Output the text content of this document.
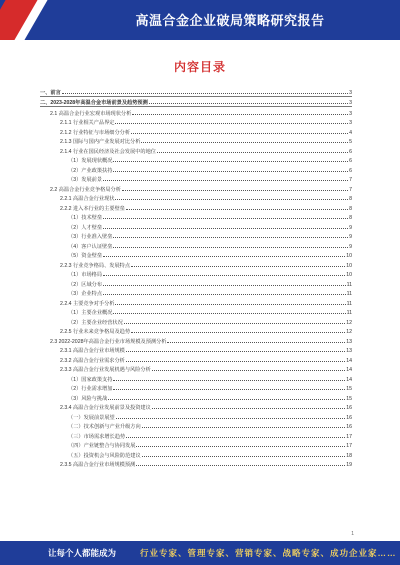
高温合金企业破局策略研究报告
内容目录
一、前言	3
二、2023-2028年高温合金市场前景及趋势预测	3
2.1 高温合金行业宏观市场现状分析	3
2.1.1 行业相关产品界定	3
2.1.2 行业特征与市场细分分析	4
2.1.3 国际与国内产业发展对比分析	5
2.1.4 行业在国民经济及社会发展中的地位	6
（1）发展现状概况	6
（2）产业政策扶持	6
（3）发展前景	7
2.2 高温合金行业竞争格局分析	7
2.2.1 高温合金行业现状	8
2.2.2 进入本行业的主要壁垒	8
（1）技术壁垒	8
（2）人才壁垒	9
（3）行业准入壁垒	9
（4）客户认证壁垒	9
（5）资金壁垒	10
2.2.3 行业竞争格局、发展特点	10
（1）市场格局	10
（2）区域分布	11
（3）企业特点	11
2.2.4 主要竞争对手分析	11
（1）主要企业概况	11
（2）主要企业经营状况	12
2.2.5 行业未来竞争格局及趋势	12
2.3 2022-2028年高温合金行业市场规模及预测分析	13
2.3.1 高温合金行业市场规模	13
2.3.2 高温合金行业需求分析	14
2.3.3 高温合金行业发展机遇与风险分析	14
（1）国家政策支持	14
（2）行业需求增加	15
（3）风险与挑战	15
2.3.4 高温合金行业发展前景及投资建议	16
（一）发展前景展望	16
（二）技术创新与产业升级方向	16
（三）市场需求增长趋势	17
（四）产业链整合与协同发展	17
（五）投资机会与风险防范建议	18
2.3.5 高温合金行业市场规模预测	19
1
让每个人都能成为	行业专家、管理专家、营销专家、战略专家、成功企业家……
